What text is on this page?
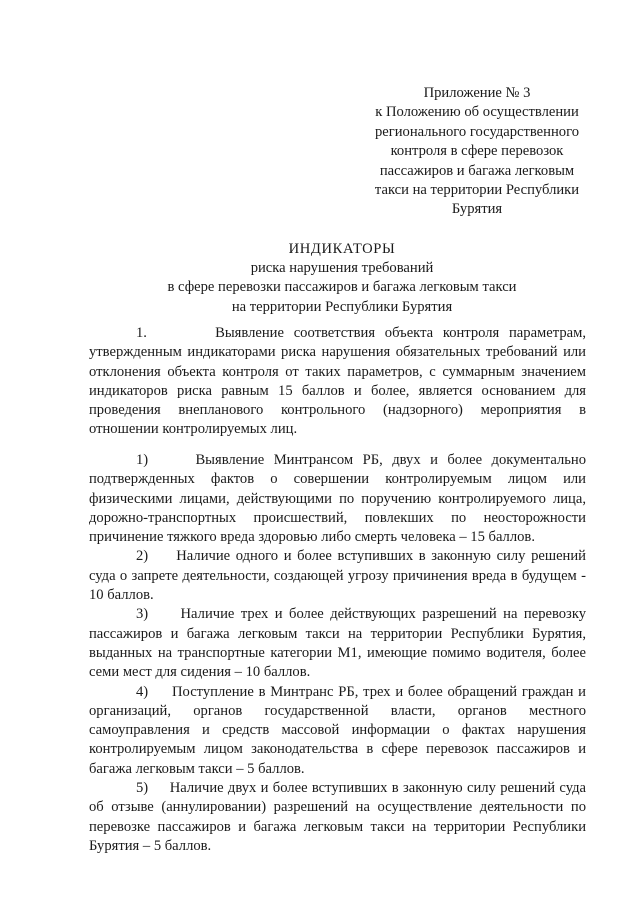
Приложение № 3
к Положению об осуществлении
регионального государственного
контроля в сфере перевозок
пассажиров и багажа легковым
такси на территории Республики
Бурятия
ИНДИКАТОРЫ
риска нарушения требований
в сфере перевозки пассажиров и багажа легковым такси
на территории Республики Бурятия

1.	Выявление соответствия объекта контроля параметрам, утвержденным индикаторами риска нарушения обязательных требований или отклонения объекта контроля от таких параметров, с суммарным значением индикаторов риска равным 15 баллов и более, является основанием для проведения внепланового контрольного (надзорного) мероприятия в отношении контролируемых лиц.

1)	Выявление Минтрансом РБ, двух и более документально подтвержденных фактов о совершении контролируемым лицом или физическими лицами, действующими по поручению контролируемого лица, дорожно-транспортных происшествий, повлекших по неосторожности причинение тяжкого вреда здоровью либо смерть человека – 15 баллов.

2) Наличие одного и более вступивших в законную силу решений суда о запрете деятельности, создающей угрозу причинения вреда в будущем - 10 баллов.

3) Наличие трех и более действующих разрешений на перевозку пассажиров и багажа легковым такси на территории Республики Бурятия, выданных на транспортные категории M1, имеющие помимо водителя, более семи мест для сидения – 10 баллов.

4) Поступление в Минтранс РБ, трех и более обращений граждан и организаций, органов государственной власти, органов местного самоуправления и средств массовой информации о фактах нарушения контролируемым лицом законодательства в сфере перевозок пассажиров и багажа легковым такси – 5 баллов.

5) Наличие двух и более вступивших в законную силу решений суда об отзыве (аннулировании) разрешений на осуществление деятельности по перевозке пассажиров и багажа легковым такси на территории Республики Бурятия – 5 баллов.
